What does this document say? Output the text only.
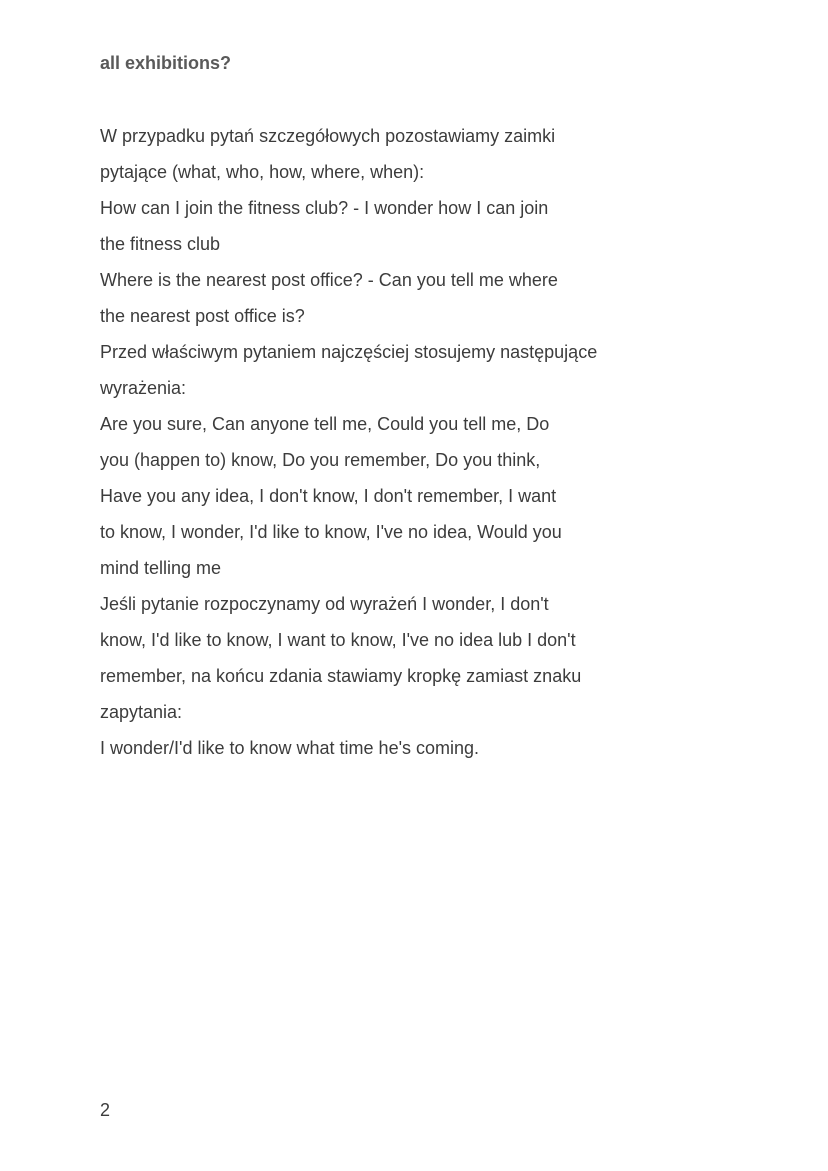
all exhibitions?

W przypadku pytań szczegółowych pozostawiamy zaimki
pytające (what, who, how, where, when):
How can I join the fitness club? - I wonder how I can join
the fitness club
Where is the nearest post office? - Can you tell me where
the nearest post office is?
Przed właściwym pytaniem najczęściej stosujemy następujące
wyrażenia:
Are you sure, Can anyone tell me, Could you tell me, Do
you (happen to) know, Do you remember, Do you think,
Have you any idea, I don't know, I don't remember, I want
to know, I wonder, I'd like to know, I've no idea, Would you
mind telling me
Jeśli pytanie rozpoczynamy od wyrażeń I wonder, I don't
know, I'd like to know, I want to know, I've no idea lub I don't
remember, na końcu zdania stawiamy kropkę zamiast znaku
zapytania:
I wonder/I'd like to know what time he's coming.
2
